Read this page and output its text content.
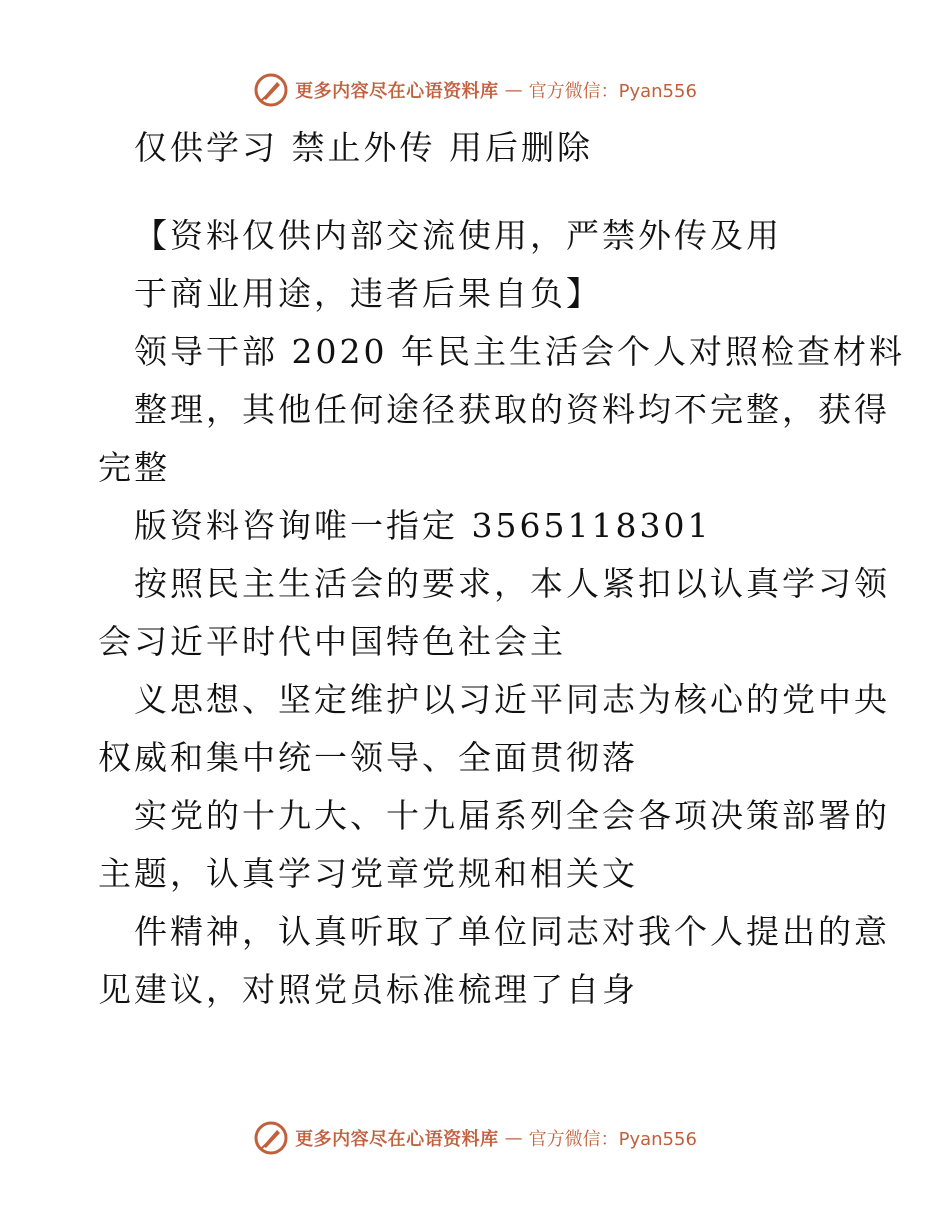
更多内容尽在心语资料库 — 官方微信：Pyan556
仅供学习 禁止外传 用后删除
【资料仅供内部交流使用，严禁外传及用
于商业用途，违者后果自负】
领导干部 2020 年民主生活会个人对照检查材料
整理，其他任何途径获取的资料均不完整，获得
完整
版资料咨询唯一指定 3565118301
按照民主生活会的要求，本人紧扣以认真学习领
会习近平时代中国特色社会主
义思想、坚定维护以习近平同志为核心的党中央
权威和集中统一领导、全面贯彻落
实党的十九大、十九届系列全会各项决策部署的
主题，认真学习党章党规和相关文
件精神，认真听取了单位同志对我个人提出的意
见建议，对照党员标准梳理了自身
更多内容尽在心语资料库 — 官方微信：Pyan556
